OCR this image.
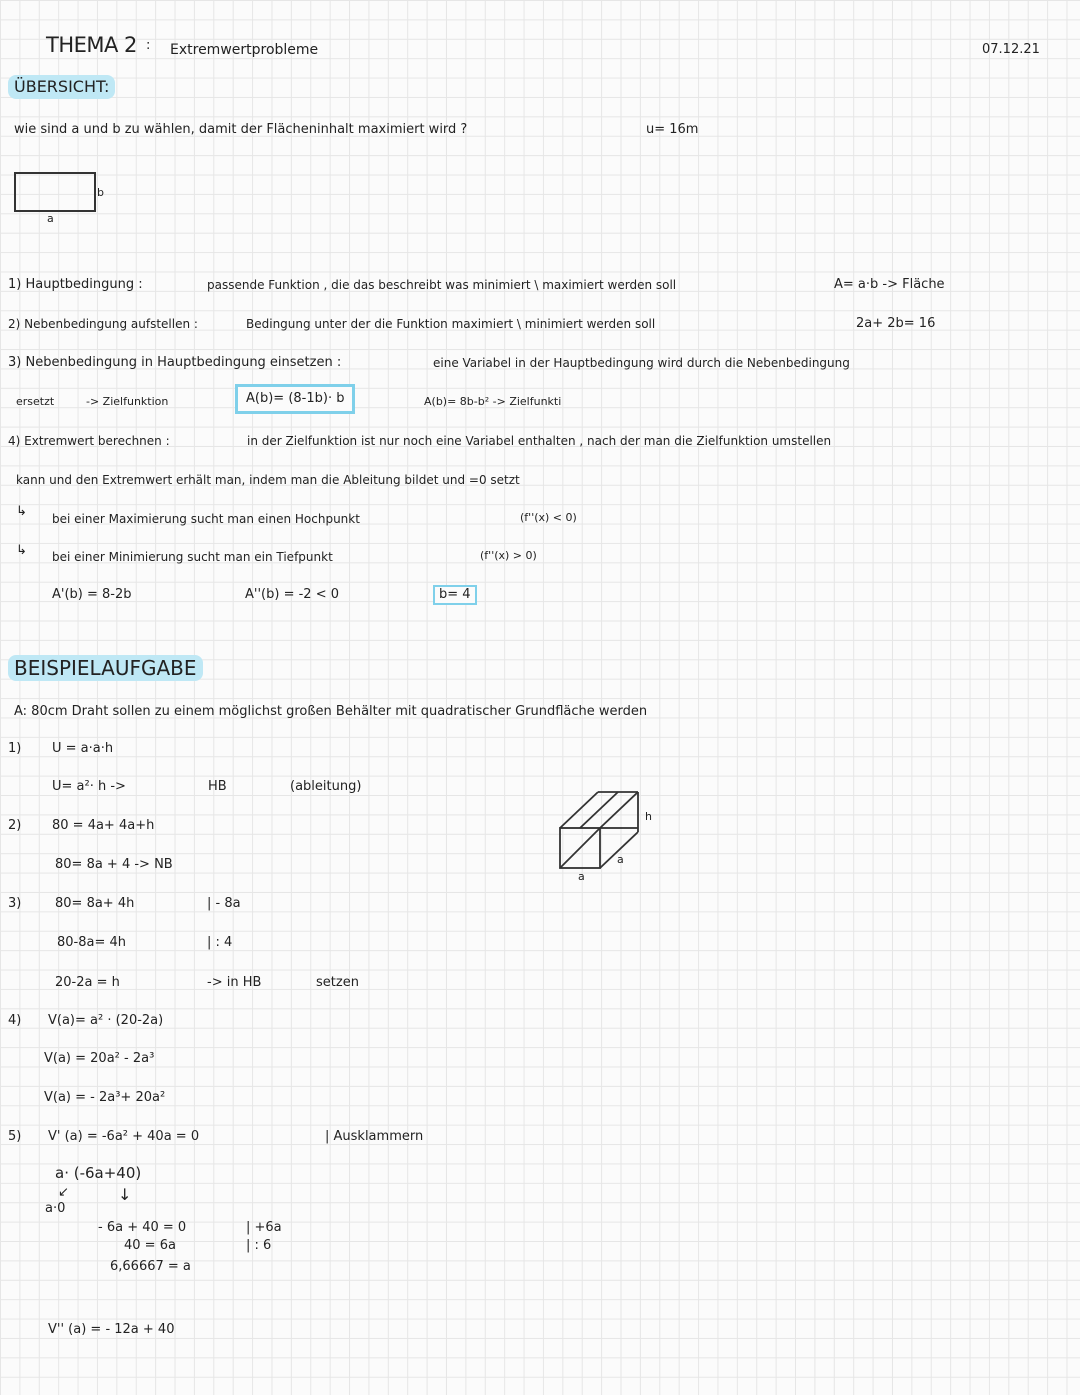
THEMA 2 : Extremwertprobleme	07.12.21
ÜBERSICHT:
wie sind a und b zu wählen, damit der Flächeninhalt maximiert wird ?	u= 16m
b
a
1) Hauptbedingung :	passende Funktion , die das beschreibt was minimiert \ maximiert werden soll	A= a·b -> Fläche
2) Nebenbedingung aufstellen :	Bedingung unter der die Funktion maximiert \ minimiert werden soll	2a+ 2b= 16
3) Nebenbedingung in Hauptbedingung einsetzen :	eine Variabel in der Hauptbedingung wird durch die Nebenbedingung
ersetzt	-> Zielfunktion	A(b)= (8-1b)· b	A(b)= 8b-b² -> Zielfunkti
4) Extremwert berechnen :	in der Zielfunktion ist nur noch eine Variabel enthalten , nach der man die Zielfunktion umstellen
kann und den Extremwert erhält man, indem man die Ableitung bildet und =0 setzt
↳ bei einer Maximierung sucht man einen Hochpunkt	(f''(x) < 0)
↳ bei einer Minimierung sucht man ein Tiefpunkt	(f''(x) > 0)
A'(b) = 8-2b	A''(b) = -2 < 0	b= 4
BEISPIELAUFGABE
A: 80cm Draht sollen zu einem möglichst großen Behälter mit quadratischer Grundfläche werden
1) U = a·a·h
U= a²· h ->	HB	(ableitung)
2) 80 = 4a+ 4a+h
80= 8a + 4 -> NB
3)	80= 8a+ 4h	| - 8a
80-8a= 4h	| : 4
20-2a = h	-> in HB	setzen
4) V(a)= a² · (20-2a)
V(a) = 20a² - 2a³
V(a) = - 2a³+ 20a²
5) V' (a) = -6a² + 40a = 0	| Ausklammern
a· (-6a+40)
↙
a·0
↓
- 6a + 40 = 0	| +6a
40 = 6a	| : 6
6,66667 = a
V'' (a) = - 12a + 40
h
a
a
